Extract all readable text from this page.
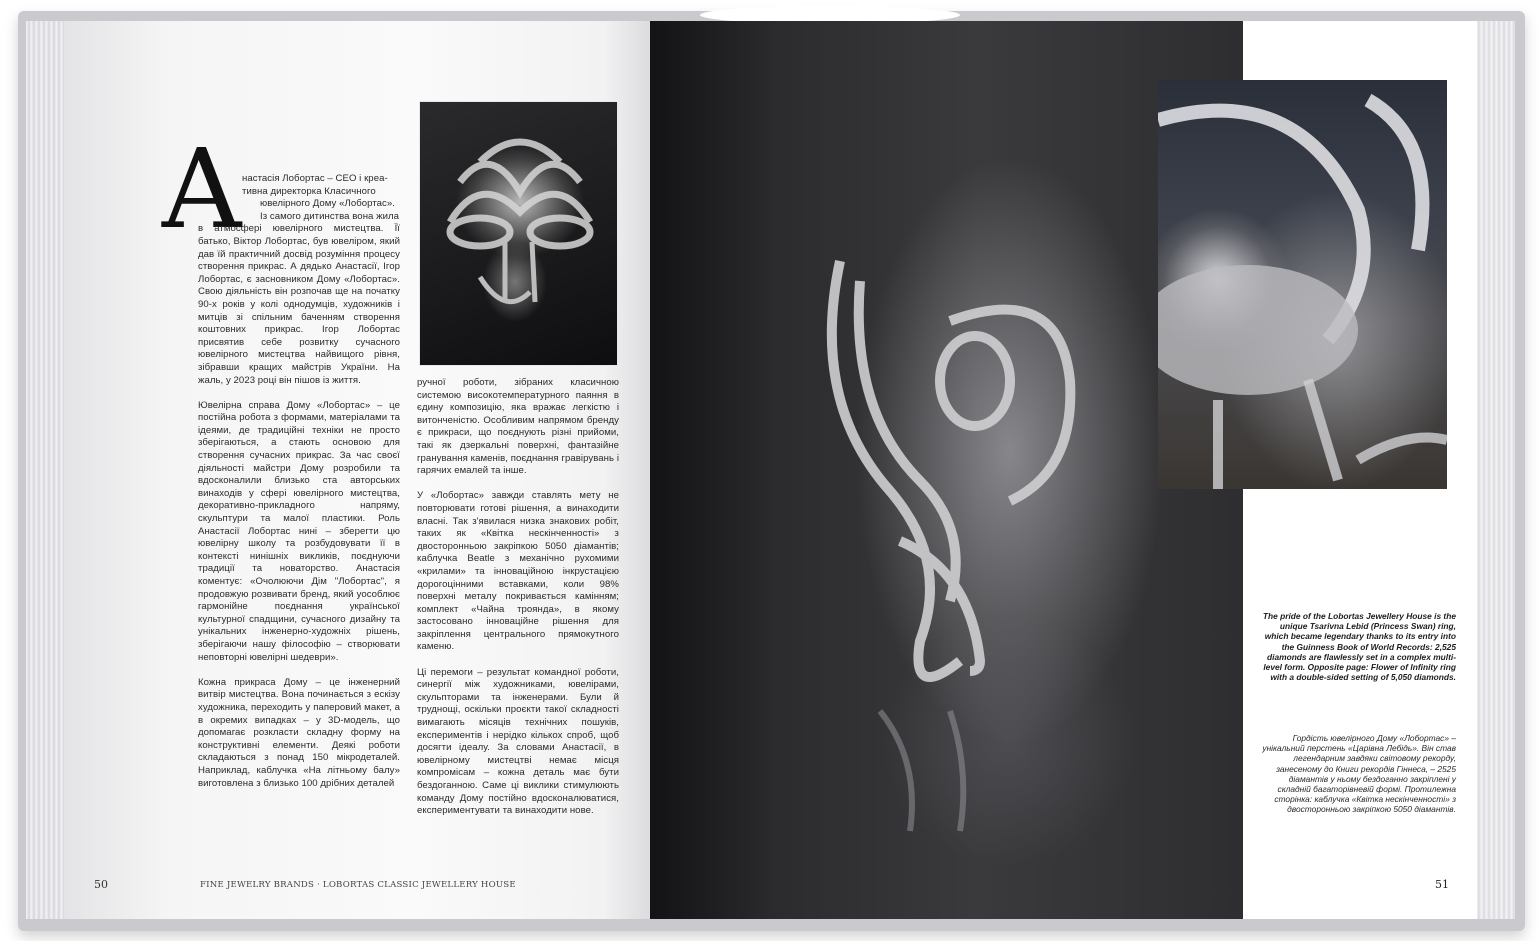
А
настасія Лобортас – CEO і креа-
тивна директорка Класичного
ювелірного Дому «Лобортас».
Із самого дитинства вона жила

в атмосфері ювелірного мистецтва. Її батько, Віктор Лобортас, був ювеліром, який дав їй практичний досвід розуміння процесу створення прикрас. А дядько Анастасії, Ігор Лобортас, є засновником Дому «Лобортас». Свою діяльність він розпочав ще на початку 90-х років у колі однодумців, художників і митців зі спільним баченням створення коштовних прикрас. Ігор Лобортас присвятив себе розвитку сучасного ювелірного мистецтва найвищого рівня, зібравши кращих майстрів України. На жаль, у 2023 році він пішов із життя.

Ювелірна справа Дому «Лобортас» – це постійна робота з формами, матеріалами та ідеями, де традиційні техніки не просто зберігаються, а стають основою для створення сучасних прикрас. За час своєї діяльності майстри Дому розробили та вдосконалили близько ста авторських винаходів у сфері ювелірного мистецтва, декоративно-прикладного напряму, скульптури та малої пластики. Роль Анастасії Лобортас нині – зберегти цю ювелірну школу та розбудовувати її в контексті нинішніх викликів, поєднуючи традиції та новаторство. Анастасія коментує: «Очолюючи Дім "Лобортас", я продовжую розвивати бренд, який уособлює гармонійне поєднання української культурної спадщини, сучасного дизайну та унікальних інженерно-художніх рішень, зберігаючи нашу філософію – створювати неповторні ювелірні шедеври».

Кожна прикраса Дому – це інженерний витвір мистецтва. Вона починається з ескізу художника, переходить у паперовий макет, а в окремих випадках – у 3D-модель, що допомагає розкласти складну форму на конструктивні елементи. Деякі роботи складаються з понад 150 мікродеталей. Наприклад, каблучка «На літньому балу» виготовлена з близько 100 дрібних деталей

ручної роботи, зібраних класичною системою високотемпературного паяння в єдину композицію, яка вражає легкістю і витонченістю. Особливим напрямом бренду є прикраси, що поєднують різні прийоми, такі як дзеркальні поверхні, фантазійне гранування каменів, поєднання гравірувань і гарячих емалей та інше.

У «Лобортас» завжди ставлять мету не повторювати готові рішення, а винаходити власні. Так з'явилася низка знакових робіт, таких як «Квітка нескінченності» з двосторонньою закріпкою 5050 діамантів; каблучка Beatle з механічно рухомими «крилами» та інноваційною інкрустацією дорогоцінними вставками, коли 98% поверхні металу покривається камінням; комплект «Чайна троянда», в якому застосовано інноваційне рішення для закріплення центрального прямокутного каменю.

Ці перемоги – результат командної роботи, синергії між художниками, ювелірами, скульпторами та інженерами. Були й труднощі, оскільки проєкти такої складності вимагають місяців технічних пошуків, експериментів і нерідко кількох спроб, щоб досягти ідеалу. За словами Анастасії, в ювелірному мистецтві немає місця компромісам – кожна деталь має бути бездоганною. Саме ці виклики стимулюють команду Дому постійно вдосконалюватися, експериментувати та винаходити нове.

50	FINE JEWELRY BRANDS · LOBORTAS CLASSIC JEWELLERY HOUSE
The pride of the Lobortas Jewellery House is the unique Tsarivna Lebid (Princess Swan) ring, which became legendary thanks to its entry into the Guinness Book of World Records: 2,525 diamonds are flawlessly set in a complex multi-level form. Opposite page: Flower of Infinity ring with a double-sided setting of 5,050 diamonds.
Гордість ювелірного Дому «Лобортас» – унікальний перстень «Царівна Лебідь». Він став легендарним завдяки світовому рекорду, занесеному до Книги рекордів Гіннеса, – 2525 діамантів у ньому бездоганно закріплені у складній багаторівневій формі. Протилежна сторінка: каблучка «Квітка нескінченності» з двосторонньою закріпкою 5050 діамантів.
51
